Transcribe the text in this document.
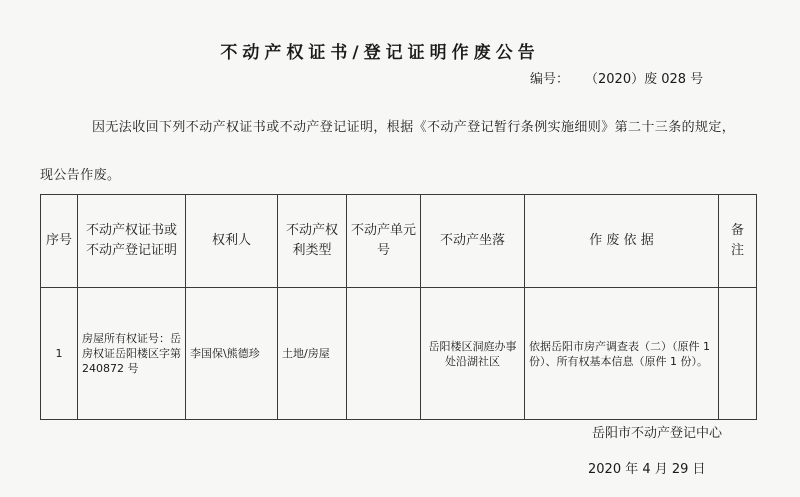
不动产权证书/登记证明作废公告
编号： （2020）废 028 号

因无法收回下列不动产权证书或不动产登记证明，根据《不动产登记暂行条例实施细则》第二十三条的规定，现公告作废。

序号	不动产权证书或不动产登记证明	权利人	不动产权利类型	不动产单元号	不动产坐落	作 废 依 据	备 注
1	房屋所有权证号：岳房权证岳阳楼区字第 240872 号	李国保\熊德珍	土地/房屋		岳阳楼区洞庭办事处沿湖社区	依据岳阳市房产调查表（二）（原件 1 份）、所有权基本信息（原件 1 份）。	
岳阳市不动产登记中心
2020 年 4 月 29 日
